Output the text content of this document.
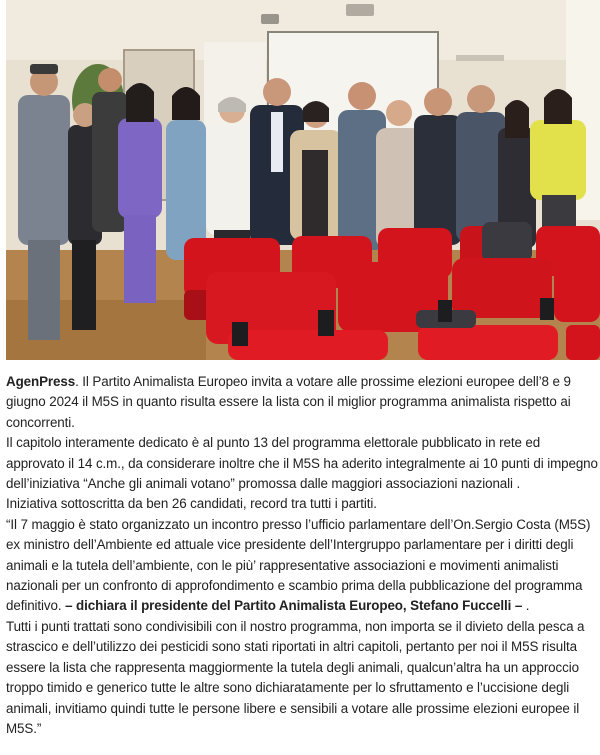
AgenPress. Il Partito Animalista Europeo invita a votare alle prossime elezioni europee dell’8 e 9 giugno 2024 il M5S in quanto risulta essere la lista con il miglior programma animalista rispetto ai concorrenti.

Il capitolo interamente dedicato è al punto 13 del programma elettorale pubblicato in rete ed approvato il 14 c.m., da considerare inoltre che il M5S ha aderito integralmente ai 10 punti di impegno dell’iniziativa “Anche gli animali votano” promossa dalle maggiori associazioni nazionali .

Iniziativa sottoscritta da ben 26 candidati, record tra tutti i partiti.

“Il 7 maggio è stato organizzato un incontro presso l’ufficio parlamentare dell’On.Sergio Costa (M5S) ex ministro dell’Ambiente ed attuale vice presidente dell’Intergruppo parlamentare per i diritti degli animali e la tutela dell’ambiente, con le più’ rappresentative associazioni e movimenti animalisti nazionali per un confronto di approfondimento e scambio prima della pubblicazione del programma definitivo. – dichiara il presidente del Partito Animalista Europeo, Stefano Fuccelli – .

Tutti i punti trattati sono condivisibili con il nostro programma, non importa se il divieto della pesca a strascico e dell’utilizzo dei pesticidi sono stati riportati in altri capitoli, pertanto per noi il M5S risulta essere la lista che rappresenta maggiormente la tutela degli animali, qualcun’altra ha un approccio troppo timido e generico tutte le altre sono dichiaratamente per lo sfruttamento e l’uccisione degli animali, invitiamo quindi tutte le persone libere e sensibili a votare alle prossime elezioni europee il M5S.”
